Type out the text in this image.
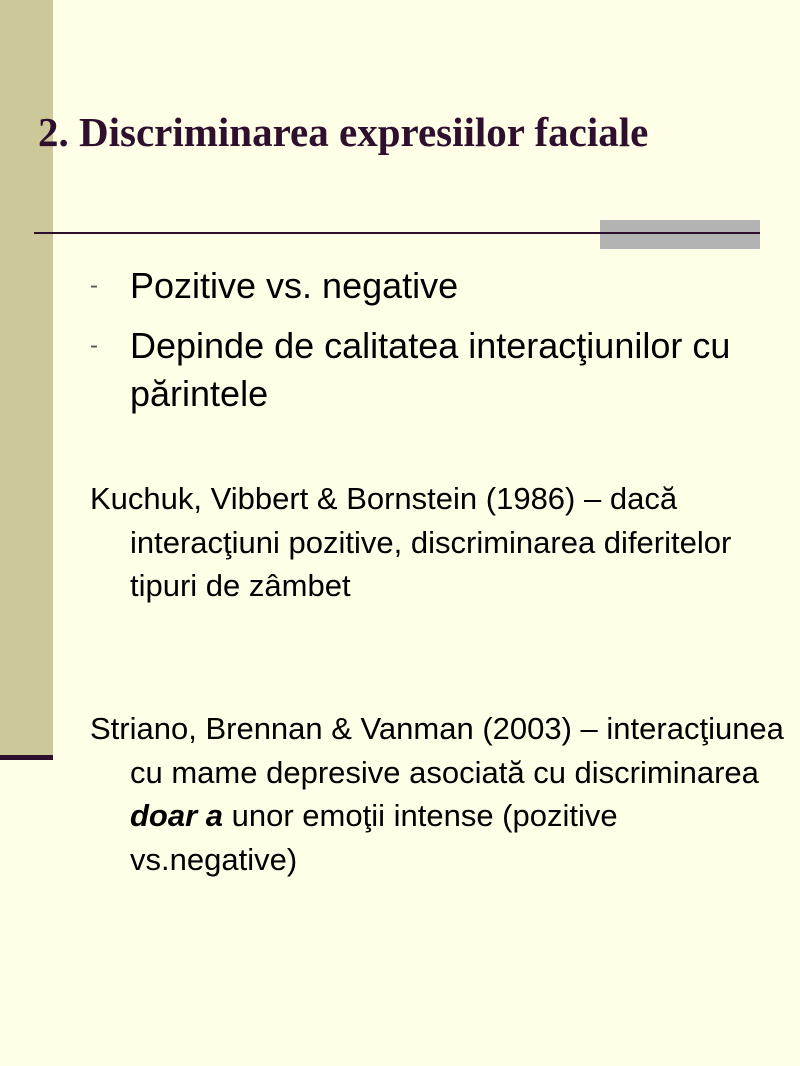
2. Discriminarea expresiilor faciale
- Pozitive vs. negative
- Depinde de calitatea interacţiunilor cu părintele

Kuchuk, Vibbert & Bornstein (1986) – dacă interacţiuni pozitive, discriminarea diferitelor tipuri de zâmbet

Striano, Brennan & Vanman (2003) – interacţiunea cu mame depresive asociată cu discriminarea doar a unor emoţii intense (pozitive vs.negative)
